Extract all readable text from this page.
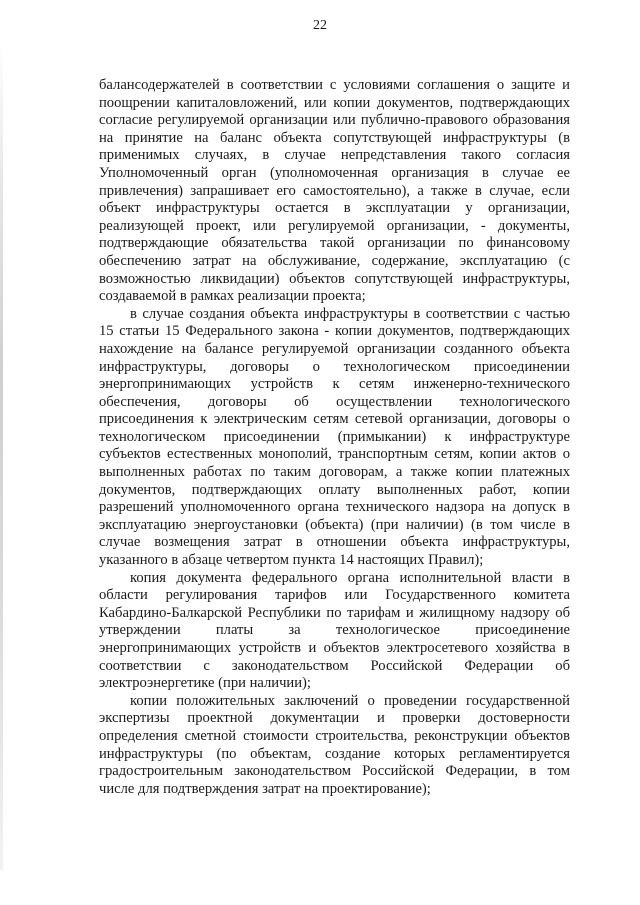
22

балансодержателей в соответствии с условиями соглашения о защите и поощрении капиталовложений, или копии документов, подтверждающих согласие регулируемой организации или публично-правового образования на принятие на баланс объекта сопутствующей инфраструктуры (в применимых случаях, в случае непредставления такого согласия Уполномоченный орган (уполномоченная организация в случае ее привлечения) запрашивает его самостоятельно), а также в случае, если объект инфраструктуры остается в эксплуатации у организации, реализующей проект, или регулируемой организации, - документы, подтверждающие обязательства такой организации по финансовому обеспечению затрат на обслуживание, содержание, эксплуатацию (с возможностью ликвидации) объектов сопутствующей инфраструктуры, создаваемой в рамках реализации проекта;

в случае создания объекта инфраструктуры в соответствии с частью 15 статьи 15 Федерального закона - копии документов, подтверждающих нахождение на балансе регулируемой организации созданного объекта инфраструктуры, договоры о технологическом присоединении энергопринимающих устройств к сетям инженерно-технического обеспечения, договоры об осуществлении технологического присоединения к электрическим сетям сетевой организации, договоры о технологическом присоединении (примыкании) к инфраструктуре субъектов естественных монополий, транспортным сетям, копии актов о выполненных работах по таким договорам, а также копии платежных документов, подтверждающих оплату выполненных работ, копии разрешений уполномоченного органа технического надзора на допуск в эксплуатацию энергоустановки (объекта) (при наличии) (в том числе в случае возмещения затрат в отношении объекта инфраструктуры, указанного в абзаце четвертом пункта 14 настоящих Правил);

копия документа федерального органа исполнительной власти в области регулирования тарифов или Государственного комитета Кабардино-Балкарской Республики по тарифам и жилищному надзору об утверждении платы за технологическое присоединение энергопринимающих устройств и объектов электросетевого хозяйства в соответствии с законодательством Российской Федерации об электроэнергетике (при наличии);

копии положительных заключений о проведении государственной экспертизы проектной документации и проверки достоверности определения сметной стоимости строительства, реконструкции объектов инфраструктуры (по объектам, создание которых регламентируется градостроительным законодательством Российской Федерации, в том числе для подтверждения затрат на проектирование);
